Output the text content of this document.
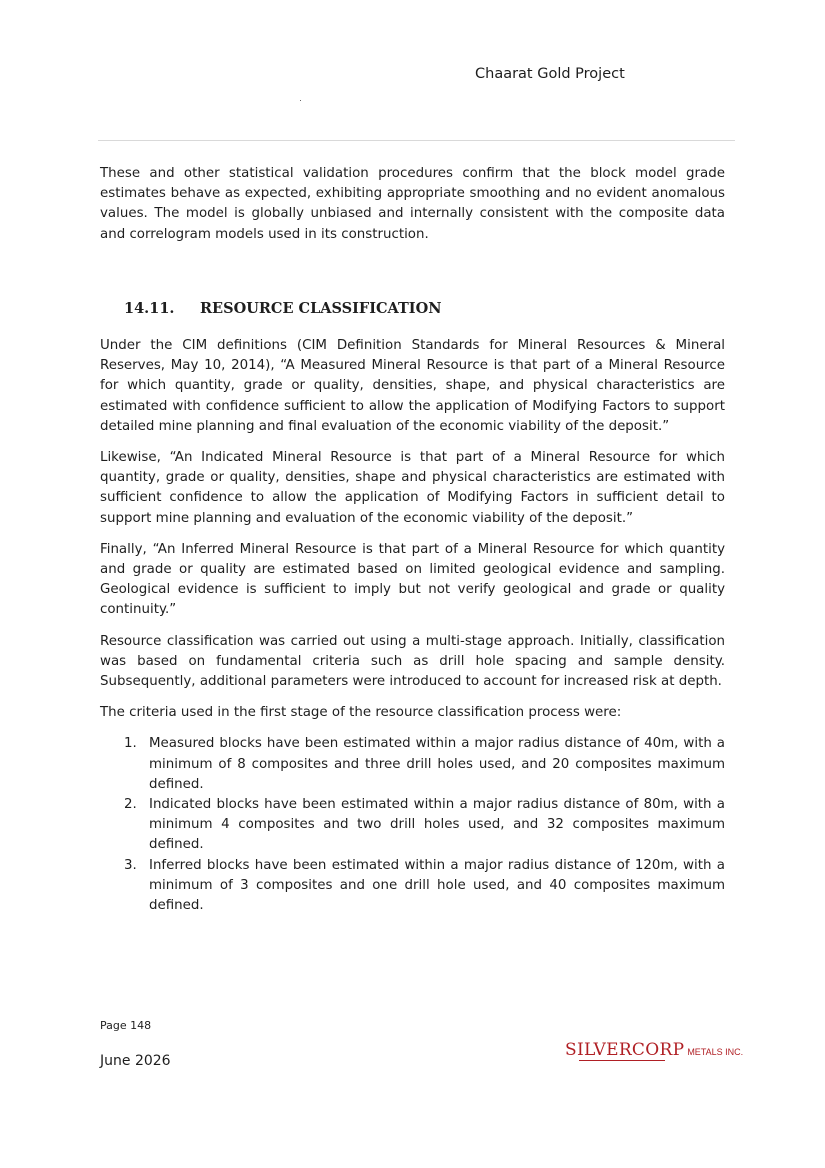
Chaarat Gold Project

These and other statistical validation procedures confirm that the block model grade estimates behave as expected, exhibiting appropriate smoothing and no evident anomalous values. The model is globally unbiased and internally consistent with the composite data and correlogram models used in its construction.

14.11. RESOURCE CLASSIFICATION

Under the CIM definitions (CIM Definition Standards for Mineral Resources & Mineral Reserves, May 10, 2014), “A Measured Mineral Resource is that part of a Mineral Resource for which quantity, grade or quality, densities, shape, and physical characteristics are estimated with confidence sufficient to allow the application of Modifying Factors to support detailed mine planning and final evaluation of the economic viability of the deposit.”

Likewise, “An Indicated Mineral Resource is that part of a Mineral Resource for which quantity, grade or quality, densities, shape and physical characteristics are estimated with sufficient confidence to allow the application of Modifying Factors in sufficient detail to support mine planning and evaluation of the economic viability of the deposit.”

Finally, “An Inferred Mineral Resource is that part of a Mineral Resource for which quantity and grade or quality are estimated based on limited geological evidence and sampling. Geological evidence is sufficient to imply but not verify geological and grade or quality continuity.”

Resource classification was carried out using a multi-stage approach. Initially, classification was based on fundamental criteria such as drill hole spacing and sample density. Subsequently, additional parameters were introduced to account for increased risk at depth.

The criteria used in the first stage of the resource classification process were:

1. Measured blocks have been estimated within a major radius distance of 40m, with a minimum of 8 composites and three drill holes used, and 20 composites maximum defined.
2. Indicated blocks have been estimated within a major radius distance of 80m, with a minimum 4 composites and two drill holes used, and 32 composites maximum defined.
3. Inferred blocks have been estimated within a major radius distance of 120m, with a minimum of 3 composites and one drill hole used, and 40 composites maximum defined.
Page 148
June 2026
SILVERCORP METALS INC.
